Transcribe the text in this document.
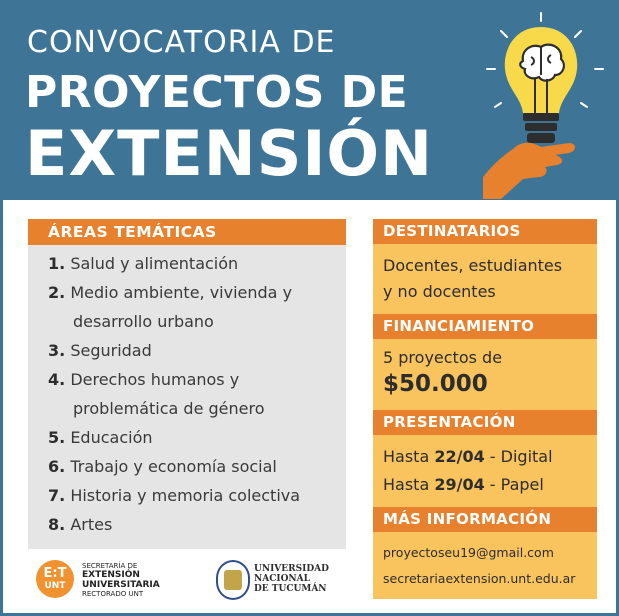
CONVOCATORIA DE
PROYECTOS DE
EXTENSIÓN
ÁREAS TEMÁTICAS
1. Salud y alimentación
2. Medio ambiente, vivienda y
desarrollo urbano
3. Seguridad
4. Derechos humanos y
problemática de género
5. Educación
6. Trabajo y economía social
7. Historia y memoria colectiva
8. Artes
DESTINATARIOS
Docentes, estudiantes
y no docentes
FINANCIAMIENTO
5 proyectos de
$50.000
PRESENTACIÓN
Hasta 22/04 - Digital
Hasta 29/04 - Papel
MÁS INFORMACIÓN
proyectoseu19@gmail.com
secretariaextension.unt.edu.ar
E:T
UNT
SECRETARÍA DE
EXTENSIÓN
UNIVERSITARIA
RECTORADO UNT
UNIVERSIDAD
NACIONAL
DE TUCUMÁN
